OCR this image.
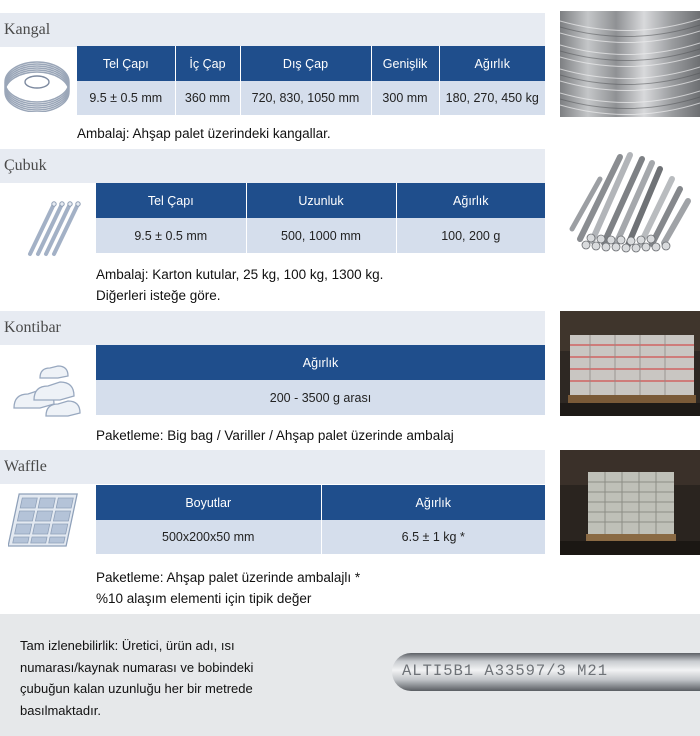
Kangal
Tel Çapı	İç Çap	Dış Çap	Genişlik	Ağırlık
9.5 ± 0.5 mm	360 mm	720, 830, 1050 mm	300 mm	180, 270, 450 kg
Ambalaj: Ahşap palet üzerindeki kangallar.
Çubuk
Tel Çapı	Uzunluk	Ağırlık
9.5 ± 0.5 mm	500, 1000 mm	100, 200 g
Ambalaj: Karton kutular, 25 kg, 100 kg, 1300 kg.
Diğerleri isteğe göre.
Kontibar
Ağırlık
200 - 3500 g arası
Paketleme: Big bag / Variller / Ahşap palet üzerinde ambalaj
Waffle
Boyutlar	Ağırlık
500x200x50 mm	6.5 ± 1 kg *
Paketleme: Ahşap palet üzerinde ambalajlı *
%10 alaşım elementi için tipik değer
Tam izlenebilirlik: Üretici, ürün adı, ısı numarası/kaynak numarası ve bobindeki çubuğun kalan uzunluğu her bir metrede basılmaktadır.
ALTI5B1 A33597/3 M21
